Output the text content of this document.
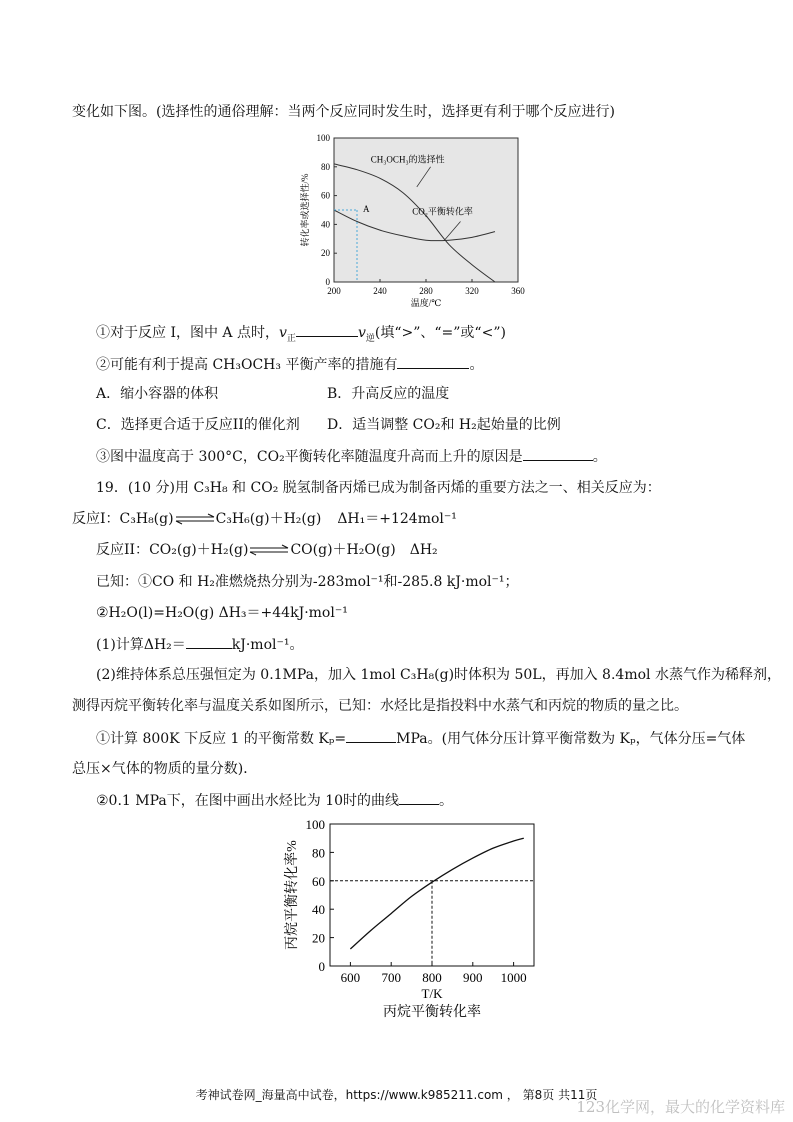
变化如下图。(选择性的通俗理解：当两个反应同时发生时，选择更有利于哪个反应进行)
200	240	280	320	360
0
20
40
60
80
100
A
CH₃OCH₃的选择性
CO₂平衡转化率
温度/℃
转化率或选择性/%
①对于反应 I，图中 A 点时，$v_正$	$v_逆$(填“>”、“=”或“<”)
②可能有利于提高 CH₃OCH₃ 平衡产率的措施有	。
A．缩小容器的体积	B．升高反应的温度
C．选择更合适于反应II的催化剂 D．适当调整 CO₂和 H₂起始量的比例
③图中温度高于 300°C，CO₂平衡转化率随温度升高而上升的原因是	。
19．(10 分)用 C₃H₈ 和 CO₂ 脱氢制备丙烯已成为制备丙烯的重要方法之一、相关反应为：
反应I：C₃H₈(g)⇌C₃H₆(g)＋H₂(g) ΔH₁＝+124mol⁻¹
反应II：CO₂(g)＋H₂(g)⇌CO(g)＋H₂O(g) ΔH₂
已知：①CO 和 H₂准燃烧热分别为-283mol⁻¹和-285.8 kJ·mol⁻¹；
②H₂O(l)=H₂O(g) ΔH₃＝+44kJ·mol⁻¹
(1)计算ΔH₂＝	kJ·mol⁻¹。
(2)维持体系总压强恒定为 0.1MPa，加入 1mol C₃H₈(g)时体积为 50L，再加入 8.4mol 水蒸气作为稀释剂，
测得丙烷平衡转化率与温度关系如图所示，已知：水烃比是指投料中水蒸气和丙烷的物质的量之比。
①计算 800K 下反应 1 的平衡常数 Kₚ=	MPa。(用气体分压计算平衡常数为 Kₚ，气体分压=气体
总压×气体的物质的量分数)．
②0.1 MPa下，在图中画出水烃比为 10时的曲线	。
600 700 800 900 1000
0
20
40
60
80
100
T/K
丙烷平衡转化率
丙烷平衡转化率%
考神试卷网_海量高中试卷，https://www.k985211.com ， 第8页 共11页
123化学网，最大的化学资料库
